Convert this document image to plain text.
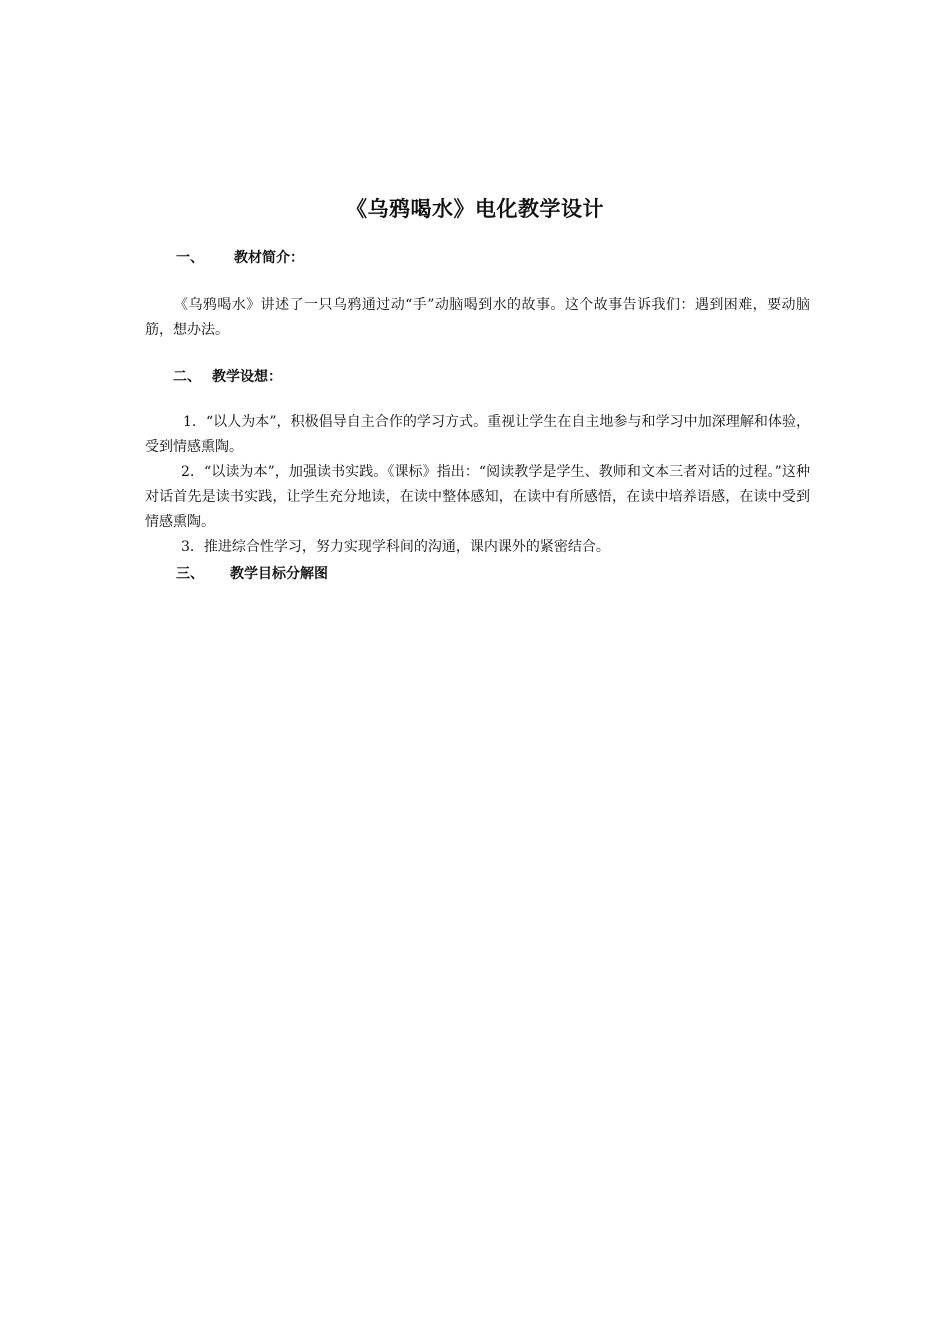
《乌鸦喝水》电化教学设计
一、 教材简介：
《乌鸦喝水》讲述了一只乌鸦通过动“手”动脑喝到水的故事。这个故事告诉我们：遇到困难，要动脑筋，想办法。
二、 教学设想：
1．“以人为本”，积极倡导自主合作的学习方式。重视让学生在自主地参与和学习中加深理解和体验，受到情感熏陶。
2．“以读为本”，加强读书实践。《课标》指出：“阅读教学是学生、教师和文本三者对话的过程。”这种对话首先是读书实践，让学生充分地读，在读中整体感知，在读中有所感悟，在读中培养语感，在读中受到情感熏陶。
3．推进综合性学习，努力实现学科间的沟通，课内课外的紧密结合。
三、 教学目标分解图
